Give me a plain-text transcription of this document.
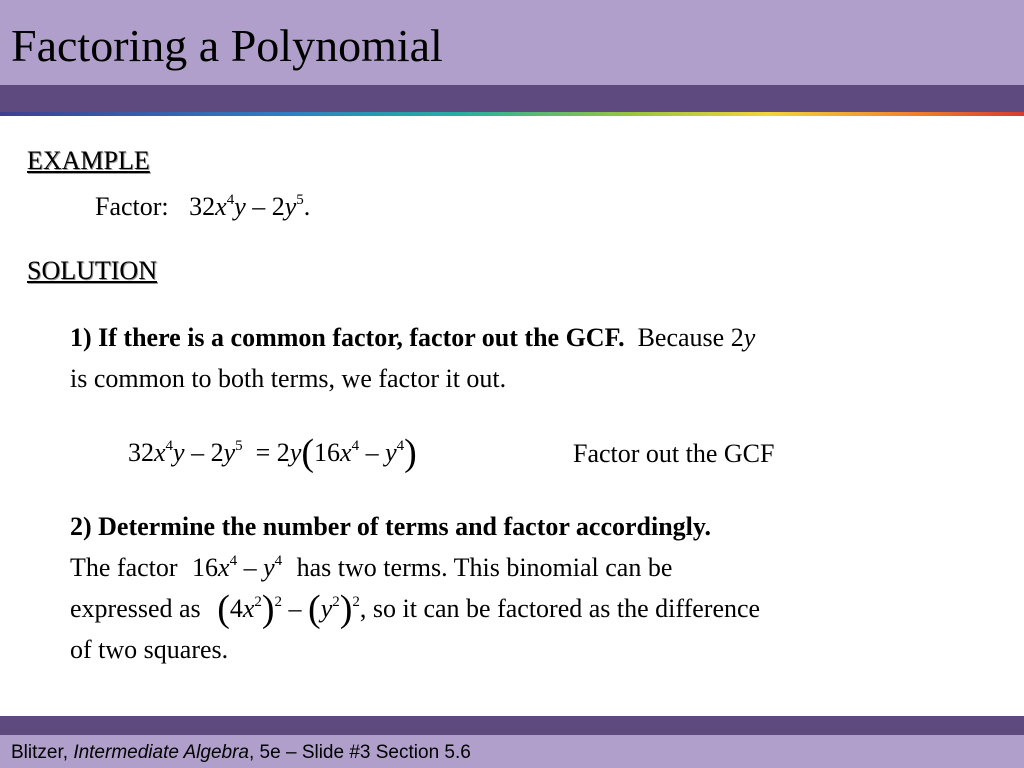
Factoring a Polynomial
EXAMPLE
Factor: $32x^4y - 2y^5$.
SOLUTION
1) If there is a common factor, factor out the GCF. Because 2y
is common to both terms, we factor it out.
$32x^4y - 2y^5 = 2y(16x^4 - y^4)$	Factor out the GCF
2) Determine the number of terms and factor accordingly.
The factor $16x^4 - y^4$ has two terms. This binomial can be
expressed as $(4x^2)^2 - (y^2)^2$, so it can be factored as the difference
of two squares.
Blitzer, Intermediate Algebra, 5e – Slide #3 Section 5.6
